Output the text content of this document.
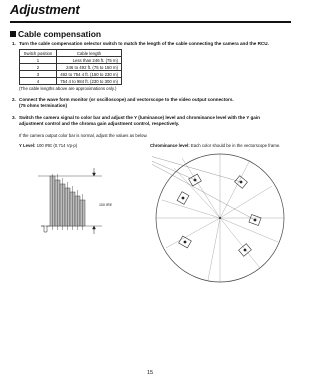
Adjustment
Cable compensation
1. Turn the cable compensation selector switch to match the length of the cable connecting the camera and the RCU.
Switch position	Cable length
1	Less than 246 ft. (75 m)
2	246 to 492 ft. (75 to 150 m)
3	492 to 754 4 ft. (150 to 230 m)
4	754 4 to 984 ft. (230 to 300 m)
(The cable lengths above are approximations only.)
2. Connect the wave form monitor (or oscilloscope) and vectorscope to the video output connectors.
(75 ohms termination)
3. Switch the camera signal to color bar and adjust the Y (luminance) level and chrominance level with the Y gain
adjustment control and the chroma gain adjustment control, respectively.
If the camera output color bar is normal, adjust the values as below.
Y Level: 100 IRE (0.714 Vp-p)	Chrominance level: Each color should be in the vectorscope frame.
100 IRE
15
